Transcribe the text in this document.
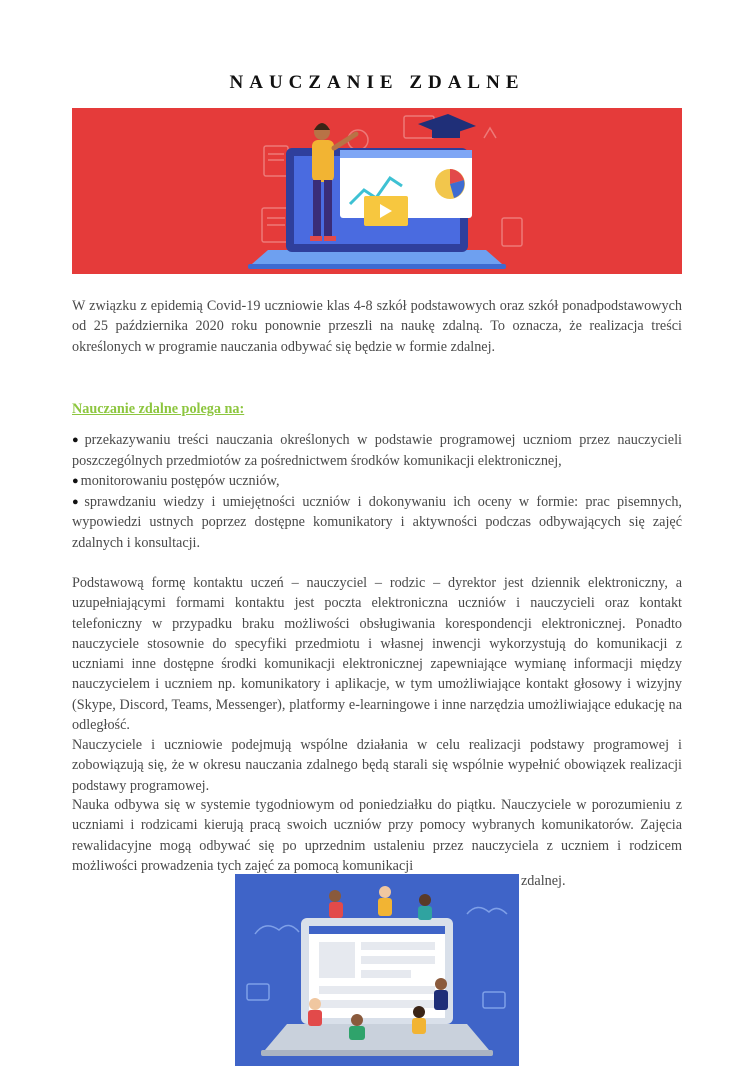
NAUCZANIE ZDALNE

W związku z epidemią Covid-19 uczniowie klas 4-8 szkół podstawowych oraz szkół ponadpodstawowych od 25 października 2020 roku ponownie przeszli na naukę zdalną. To oznacza, że realizacja treści określonych w programie nauczania odbywać się będzie w formie zdalnej.

Nauczanie zdalne polega na:

● przekazywaniu treści nauczania określonych w podstawie programowej uczniom przez nauczycieli poszczególnych przedmiotów za pośrednictwem środków komunikacji elektronicznej,

● monitorowaniu postępów uczniów,

● sprawdzaniu wiedzy i umiejętności uczniów i dokonywaniu ich oceny w formie: prac pisemnych, wypowiedzi ustnych poprzez dostępne komunikatory i aktywności podczas odbywających się zajęć zdalnych i konsultacji.

Podstawową formę kontaktu uczeń – nauczyciel – rodzic – dyrektor jest dziennik elektroniczny, a uzupełniającymi formami kontaktu jest poczta elektroniczna uczniów i nauczycieli oraz kontakt telefoniczny w przypadku braku możliwości obsługiwania korespondencji elektronicznej. Ponadto nauczyciele stosownie do specyfiki przedmiotu i własnej inwencji wykorzystują do komunikacji z uczniami inne dostępne środki komunikacji elektronicznej zapewniające wymianę informacji między nauczycielem i uczniem np. komunikatory i aplikacje, w tym umożliwiające kontakt głosowy i wizyjny (Skype, Discord, Teams, Messenger), platformy e-learningowe i inne narzędzia umożliwiające edukację na odległość.

Nauczyciele i uczniowie podejmują wspólne działania w celu realizacji podstawy programowej i zobowiązują się, że w okresu nauczania zdalnego będą starali się wspólnie wypełnić obowiązek realizacji podstawy programowej.

Nauka odbywa się w systemie tygodniowym od poniedziałku do piątku. Nauczyciele w porozumieniu z uczniami i rodzicami kierują pracą swoich uczniów przy pomocy wybranych komunikatorów. Zajęcia rewalidacyjne mogą odbywać się po uprzednim ustaleniu przez nauczyciela z uczniem i rodzicem możliwości prowadzenia tych zajęć za pomocą komunikacji

zdalnej.
